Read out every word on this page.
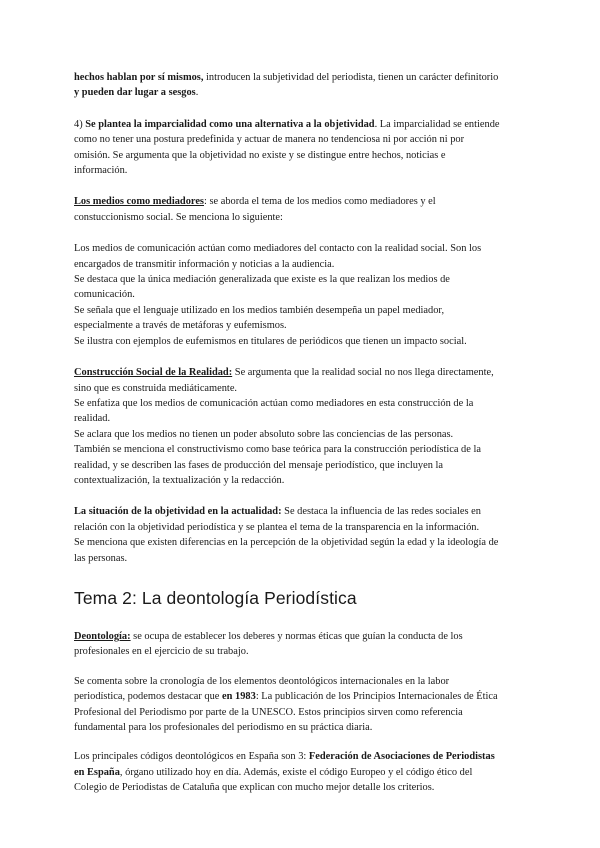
hechos hablan por sí mismos, introducen la subjetividad del periodista, tienen un carácter definitorio
y pueden dar lugar a sesgos.

4) Se plantea la imparcialidad como una alternativa a la objetividad. La imparcialidad se entiende
como no tener una postura predefinida y actuar de manera no tendenciosa ni por acción ni por
omisión. Se argumenta que la objetividad no existe y se distingue entre hechos, noticias e
información.

Los medios como mediadores: se aborda el tema de los medios como mediadores y el
constuccionismo social. Se menciona lo siguiente:

Los medios de comunicación actúan como mediadores del contacto con la realidad social. Son los
encargados de transmitir información y noticias a la audiencia.
Se destaca que la única mediación generalizada que existe es la que realizan los medios de
comunicación.
Se señala que el lenguaje utilizado en los medios también desempeña un papel mediador,
especialmente a través de metáforas y eufemismos.
Se ilustra con ejemplos de eufemismos en titulares de periódicos que tienen un impacto social.

Construcción Social de la Realidad: Se argumenta que la realidad social no nos llega directamente,
sino que es construida mediáticamente.
Se enfatiza que los medios de comunicación actúan como mediadores en esta construcción de la
realidad.
Se aclara que los medios no tienen un poder absoluto sobre las conciencias de las personas.
También se menciona el constructivismo como base teórica para la construcción periodística de la
realidad, y se describen las fases de producción del mensaje periodístico, que incluyen la
contextualización, la textualización y la redacción.

La situación de la objetividad en la actualidad: Se destaca la influencia de las redes sociales en
relación con la objetividad periodística y se plantea el tema de la transparencia en la información.
Se menciona que existen diferencias en la percepción de la objetividad según la edad y la ideología de
las personas.

Tema 2: La deontología Periodística

Deontología: se ocupa de establecer los deberes y normas éticas que guían la conducta de los
profesionales en el ejercicio de su trabajo.

Se comenta sobre la cronología de los elementos deontológicos internacionales en la labor
periodística, podemos destacar que en 1983: La publicación de los Principios Internacionales de Ética
Profesional del Periodismo por parte de la UNESCO. Estos principios sirven como referencia
fundamental para los profesionales del periodismo en su práctica diaria.

Los principales códigos deontológicos en España son 3: Federación de Asociaciones de Periodistas
en España, órgano utilizado hoy en día. Además, existe el código Europeo y el código ético del
Colegio de Periodistas de Cataluña que explican con mucho mejor detalle los criterios.
